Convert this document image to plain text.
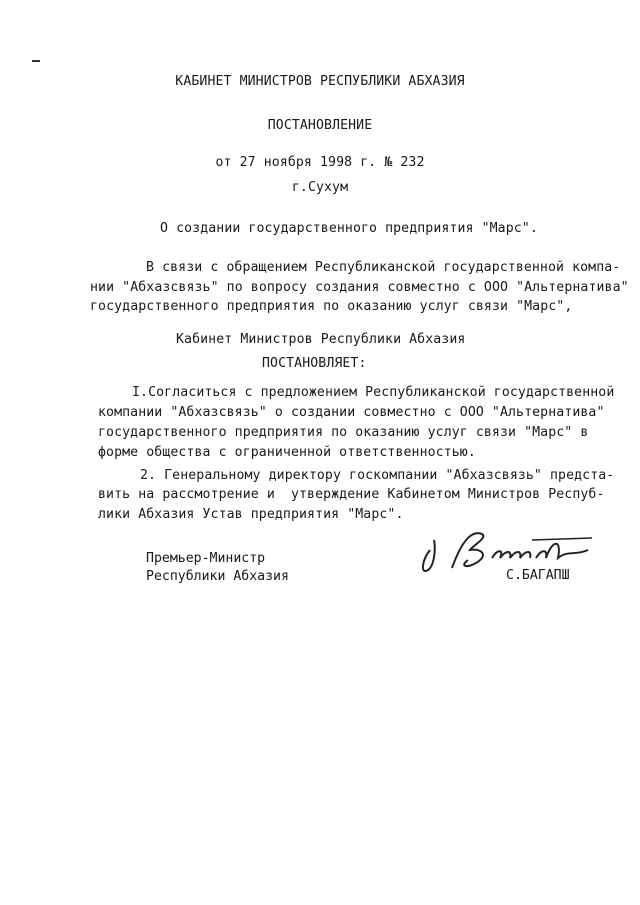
КАБИНЕТ МИНИСТРОВ РЕСПУБЛИКИ АБХАЗИЯ
ПОСТАНОВЛЕНИЕ
от 27 ноября 1998 г. № 232
г.Сухум
О создании государственного предприятия "Марс".
В связи с обращением Республиканской государственной компа-
нии "Абхазсвязь" по вопросу создания совместно с ООО "Альтернатива"
государственного предприятия по оказанию услуг связи "Марс",
Кабинет Министров Республики Абхазия
ПОСТАНОВЛЯЕТ:
I.Согласиться с предложением Республиканской государственной
компании "Абхазсвязь" о создании совместно с ООО "Альтернатива"
государственного предприятия по оказанию услуг связи "Марс" в
форме общества с ограниченной ответственностью.
2. Генеральному директору госкомпании "Абхазсвязь" предста-
вить на рассмотрение и  утверждение Кабинетом Министров Респуб-
лики Абхазия Устав предприятия "Марс".
Премьер-Министр
Республики Абхазия	С.БАГАПШ
